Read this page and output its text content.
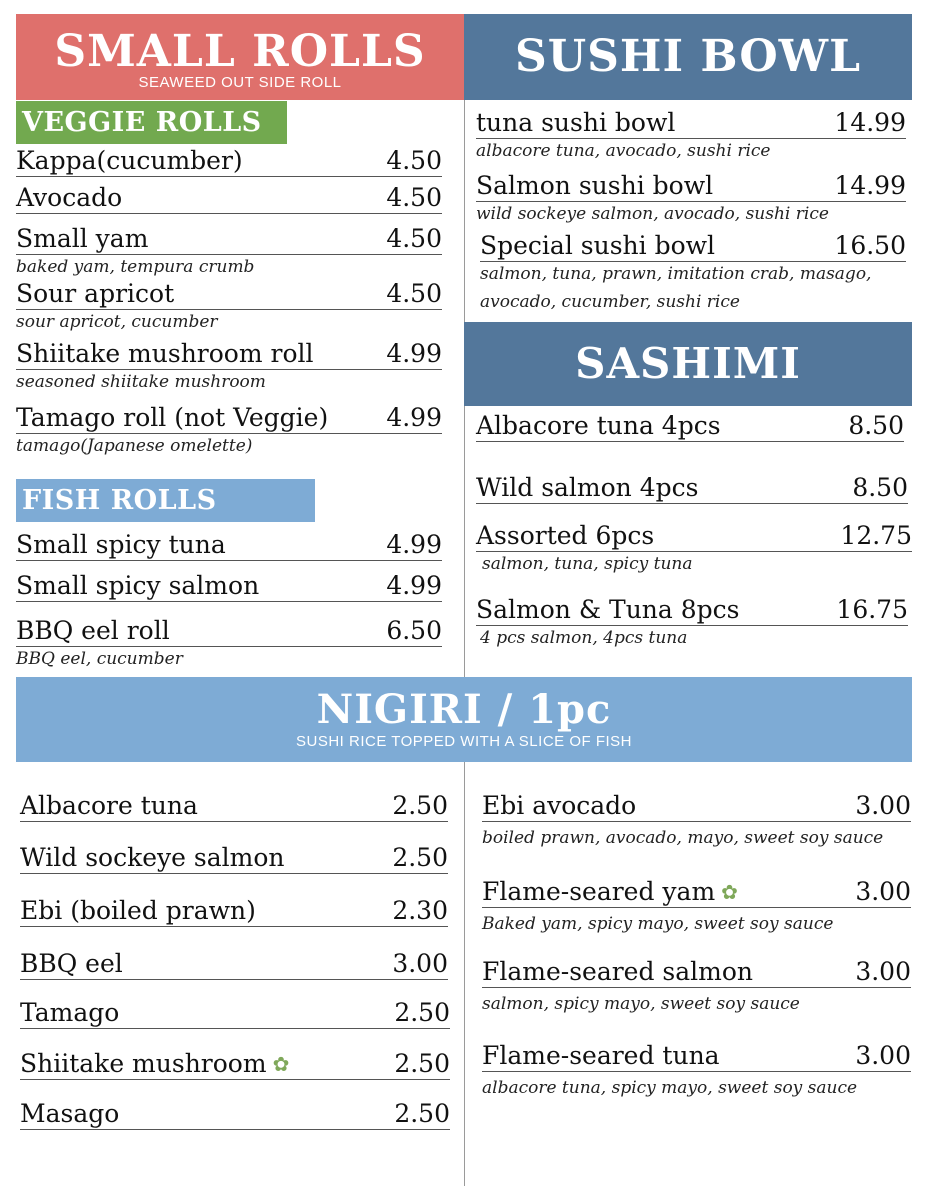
SMALL ROLLS
SEAWEED OUT SIDE ROLL
SUSHI BOWL
VEGGIE ROLLS
Kappa(cucumber)	4.50
Avocado	4.50
Small yam	4.50
baked yam, tempura crumb
Sour apricot	4.50
sour apricot, cucumber
Shiitake mushroom roll	4.99
seasoned shiitake mushroom
Tamago roll (not Veggie) 4.99
tamago(Japanese omelette)
FISH ROLLS
Small spicy tuna	4.99
Small spicy salmon	4.99
BBQ eel roll	6.50
BBQ eel, cucumber
tuna sushi bowl	14.99
albacore tuna, avocado, sushi rice
Salmon sushi bowl	14.99
wild sockeye salmon, avocado, sushi rice
Special sushi bowl	16.50
salmon, tuna, prawn, imitation crab, masago,
avocado, cucumber, sushi rice
SASHIMI
Albacore tuna 4pcs	8.50
Wild salmon 4pcs	8.50
Assorted 6pcs	12.75
salmon, tuna, spicy tuna
Salmon & Tuna 8pcs	16.75
4 pcs salmon, 4pcs tuna
NIGIRI / 1pc
SUSHI RICE TOPPED WITH A SLICE OF FISH
Albacore tuna	2.50
Wild sockeye salmon	2.50
Ebi (boiled prawn)	2.30
BBQ eel	3.00
Tamago	2.50
Shiitake mushroom ✿	2.50
Masago	2.50
Ebi avocado	3.00
boiled prawn, avocado, mayo, sweet soy sauce
Flame-seared yam ✿	3.00
Baked yam, spicy mayo, sweet soy sauce
Flame-seared salmon	3.00
salmon, spicy mayo, sweet soy sauce
Flame-seared tuna	3.00
albacore tuna, spicy mayo, sweet soy sauce
